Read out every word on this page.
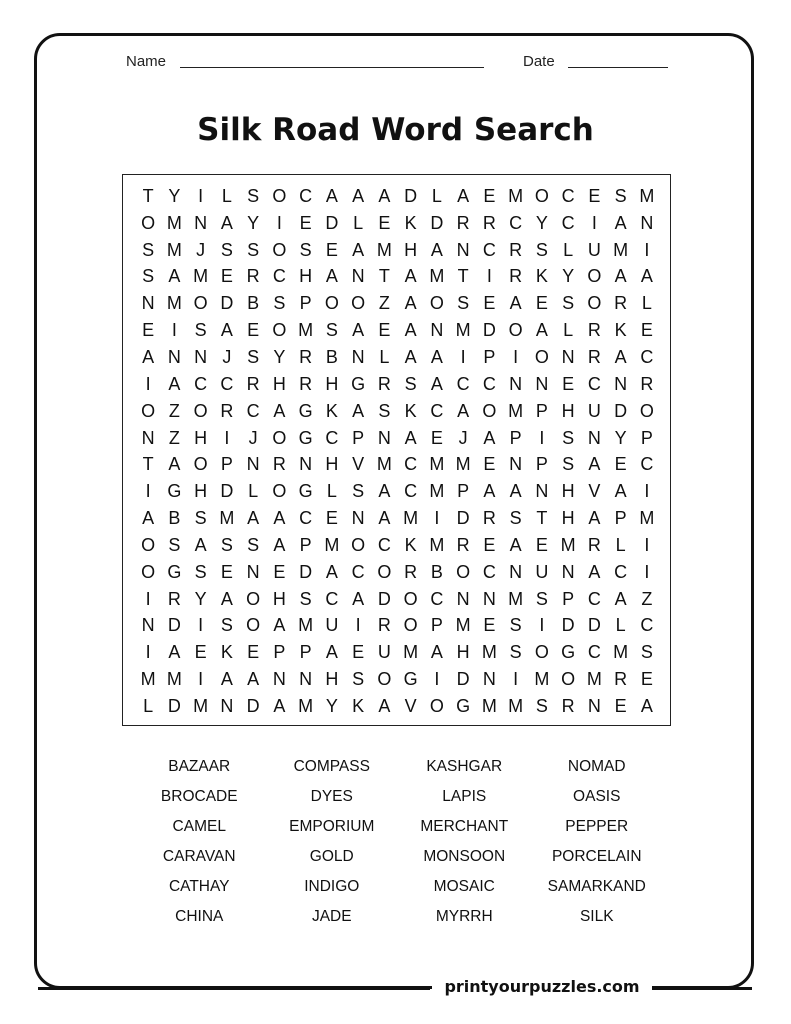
Name	Date
Silk Road Word Search
T Y I	L S O C A A A D L A E M O C E S M
O M N A Y I E D L E K D R R C Y C I A N
S M J S S O S E A M H A N C R S L U M I
S A M E R C H A N T A M T	I R K Y O A A
N M O D B S P O O Z A O S E A E S O R L
E I S A E O M S A E A N M D O A L R K E
A N N J S Y R B N L A A I P I O N R A C
I A C C R H R H G R S A C C N N E C N R
O Z O R C A G K A S K C A O M P H U D O
N Z H I	J O G C P N A E J A P I S N Y P
T A O P N R N H V M C M M E N P S A E C
I G H D L O G L S A C M P A A N H V A I
A B S M A A C E N A M I D R S T H A P M
O S A S S A P M O C K M R E A E M R L	I
O G S E N E D A C O R B O C N U N A C I
I R Y A O H S C A D O C N N M S P C A Z
N D I S O A M U I R O P M E S I D D L C
I A E K E P P A E U M A H M S O G C M S
M M I A A N N H S O G I D N I M O M R E
L D M N D A M Y K A V O G M M S R N E A
BAZAAR	COMPASS	KASHGAR	NOMAD
BROCADE	DYES	LAPIS	OASIS
CAMEL	EMPORIUM	MERCHANT	PEPPER
CARAVAN	GOLD	MONSOON	PORCELAIN
CATHAY	INDIGO	MOSAIC	SAMARKAND
CHINA	JADE	MYRRH	SILK
printyourpuzzles.com
